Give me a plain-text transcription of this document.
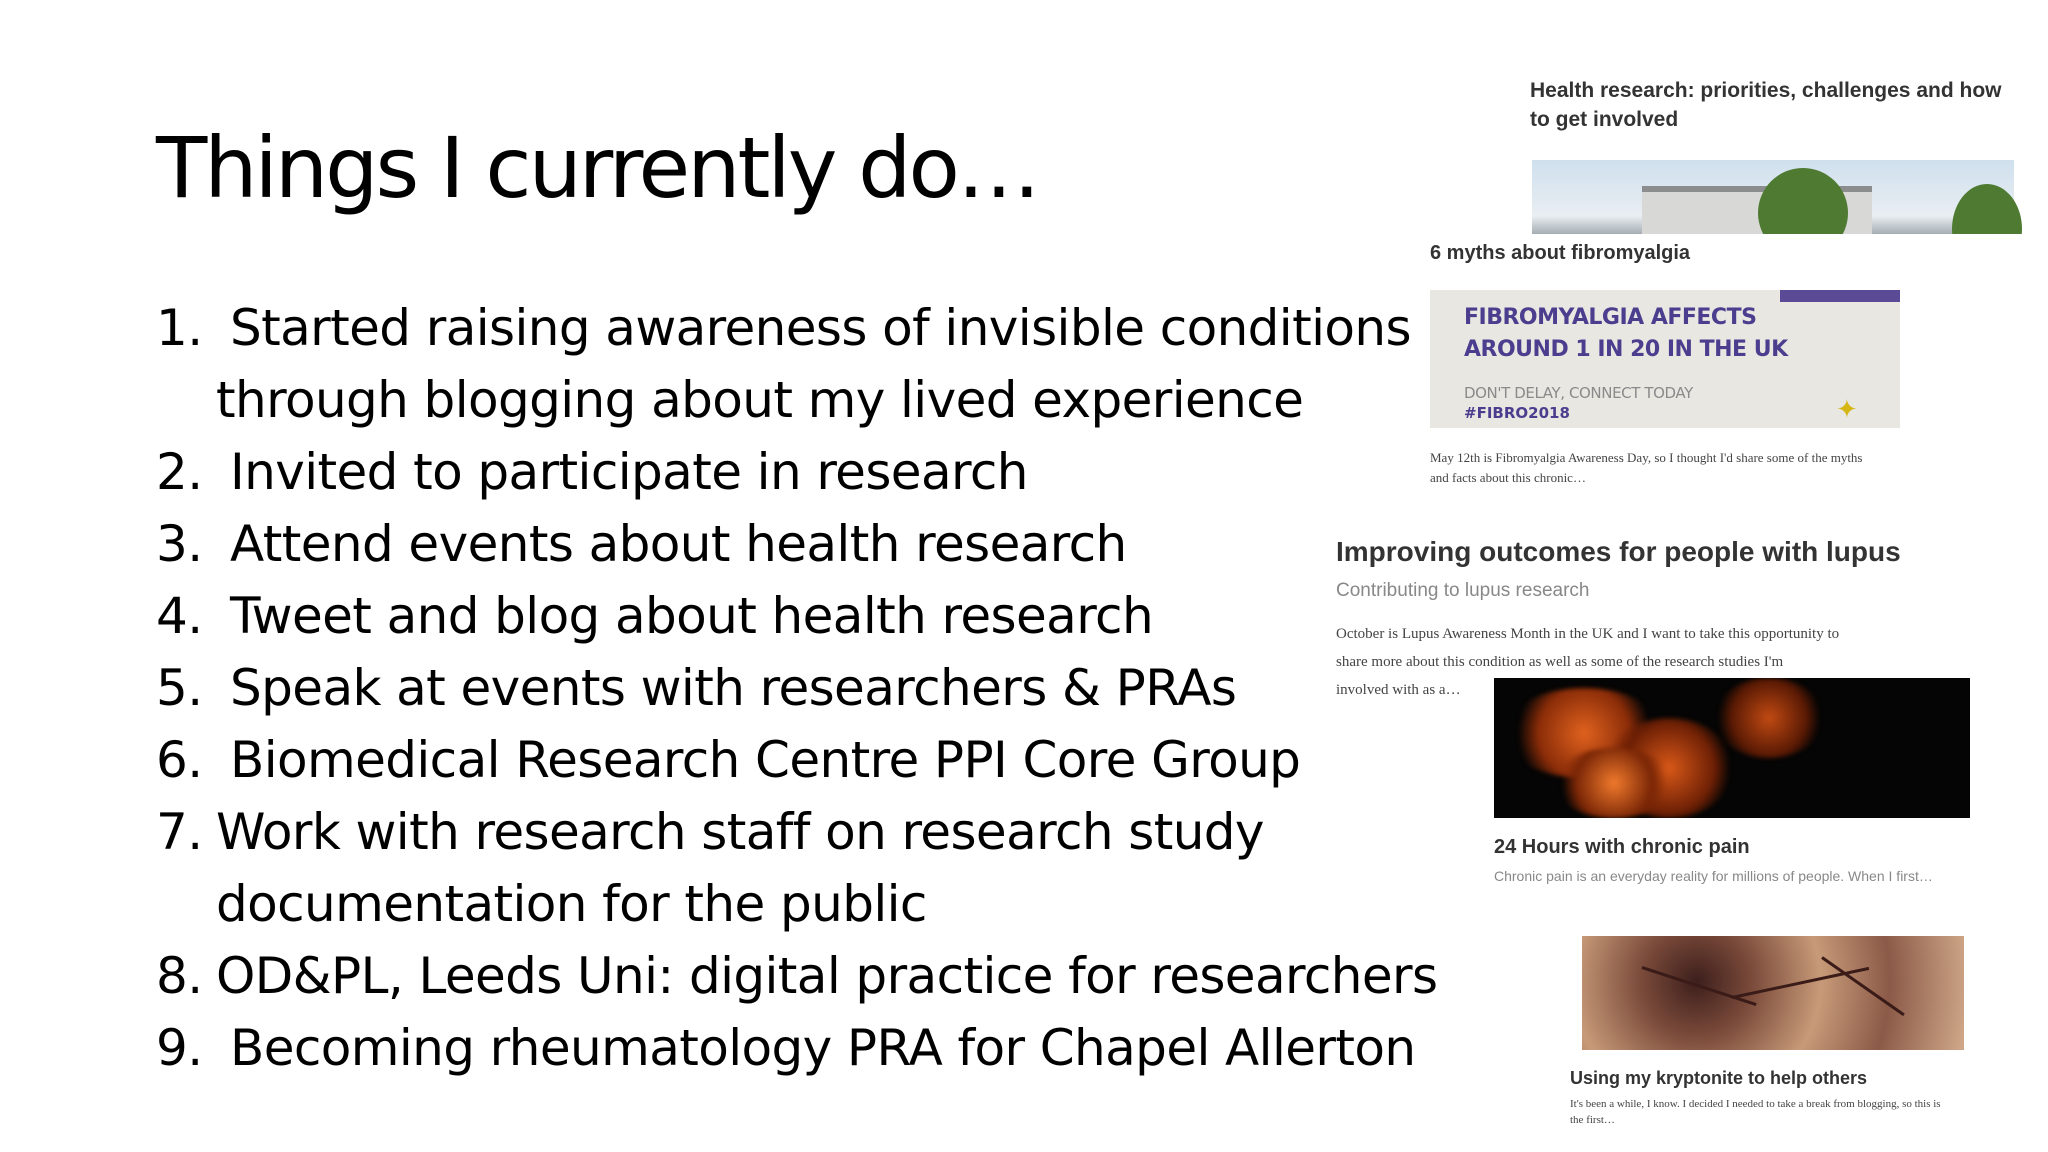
Things I currently do…
1. Started raising awareness of invisible conditions
through blogging about my lived experience
2. Invited to participate in research
3. Attend events about health research
4. Tweet and blog about health research
5. Speak at events with researchers & PRAs
6. Biomedical Research Centre PPI Core Group
7. Work with research staff on research study
documentation for the public
8. OD&PL, Leeds Uni: digital practice for researchers
9. Becoming rheumatology PRA for Chapel Allerton
Health research: priorities, challenges and how
to get involved
6 myths about fibromyalgia
FIBROMYALGIA AFFECTS
AROUND 1 IN 20 IN THE UK
DON'T DELAY, CONNECT TODAY
#FIBRO2018	✦
May 12th is Fibromyalgia Awareness Day, so I thought I'd share some of the myths
and facts about this chronic…
Improving outcomes for people with lupus
Contributing to lupus research
October is Lupus Awareness Month in the UK and I want to take this opportunity to
share more about this condition as well as some of the research studies I'm
involved with as a…
24 Hours with chronic pain
Chronic pain is an everyday reality for millions of people. When I first…
Using my kryptonite to help others
It's been a while, I know. I decided I needed to take a break from blogging, so this is
the first…
